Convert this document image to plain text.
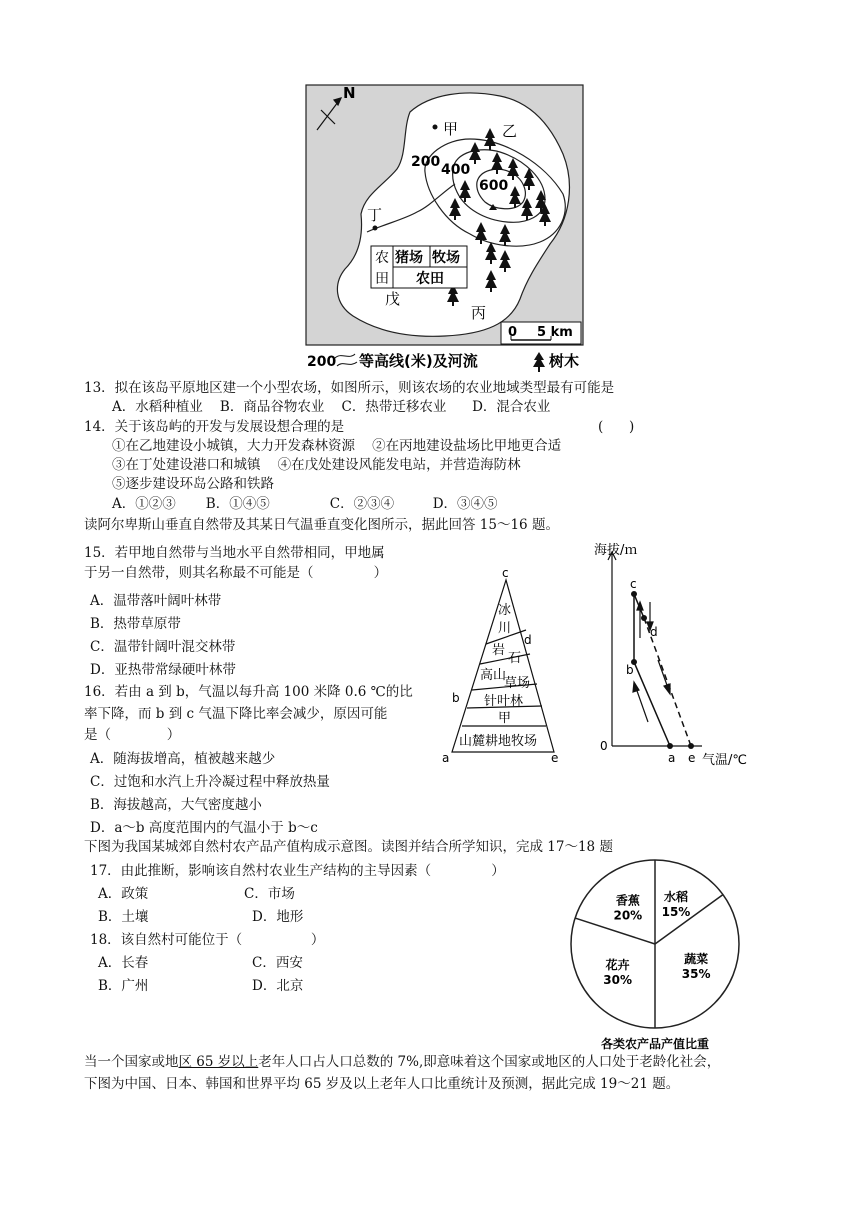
N
甲	乙
丁
戊
丙
200 400
600
农
田
猪场 牧场
农田
0 5 km
200 等高线(米)及河流	树木
13．拟在该岛平原地区建一个小型农场，如图所示，则该农场的农业地域类型最有可能是
A．水稻种植业    B．商品谷物农业    C．热带迁移农业      D．混合农业
14．关于该岛屿的开发与发展设想合理的是	(      )
①在乙地建设小城镇，大力开发森林资源    ②在丙地建设盐场比甲地更合适
③在丁处建设港口和城镇    ④在戊处建设风能发电站，并营造海防林
⑤逐步建设环岛公路和铁路
A．①②③       B．①④⑤              C．②③④         D．③④⑤
读阿尔卑斯山垂直自然带及其某日气温垂直变化图所示，据此回答 15～16 题。
15．若甲地自然带与当地水平自然带相同，甲地属
于另一自然带，则其名称最不可能是（              ）
A．温带落叶阔叶林带
B．热带草原带
C．温带针阔叶混交林带
D．亚热带常绿硬叶林带
16．若由 a 到 b，气温以每升高 100 米降 0.6 ℃的比
率下降，而 b 到 c 气温下降比率会减少，原因可能
是（             ）
A．随海拔增高，植被越来越少
C．过饱和水汽上升冷凝过程中释放热量
B．海拔越高，大气密度越小
D．a～b 高度范围内的气温小于 b～c
c
d
b
a	e
冰
川
岩
石
高山
草场
针叶林
甲
山麓耕地牧场
海拔/ｍ
气温/℃
0
c
d
b
a e
下图为我国某城郊自然村农产品产值构成示意图。读图并结合所学知识，完成 17～18 题
17．由此推断，影响该自然村农业生产结构的主导因素（              ）
A．政策	C．市场
B．土壤	D．地形
18．该自然村可能位于（                ）
A．长春	C．西安
B．广州	D．北京
水稻
15%
蔬菜
35%
花卉
30%
香蕉
20%
各类农产品产值比重
当一个国家或地区 65 岁以上老年人口占人口总数的 7%,即意味着这个国家或地区的人口处于老龄化社会，
下图为中国、日本、韩国和世界平均 65 岁及以上老年人口比重统计及预测，据此完成 19～21 题。
